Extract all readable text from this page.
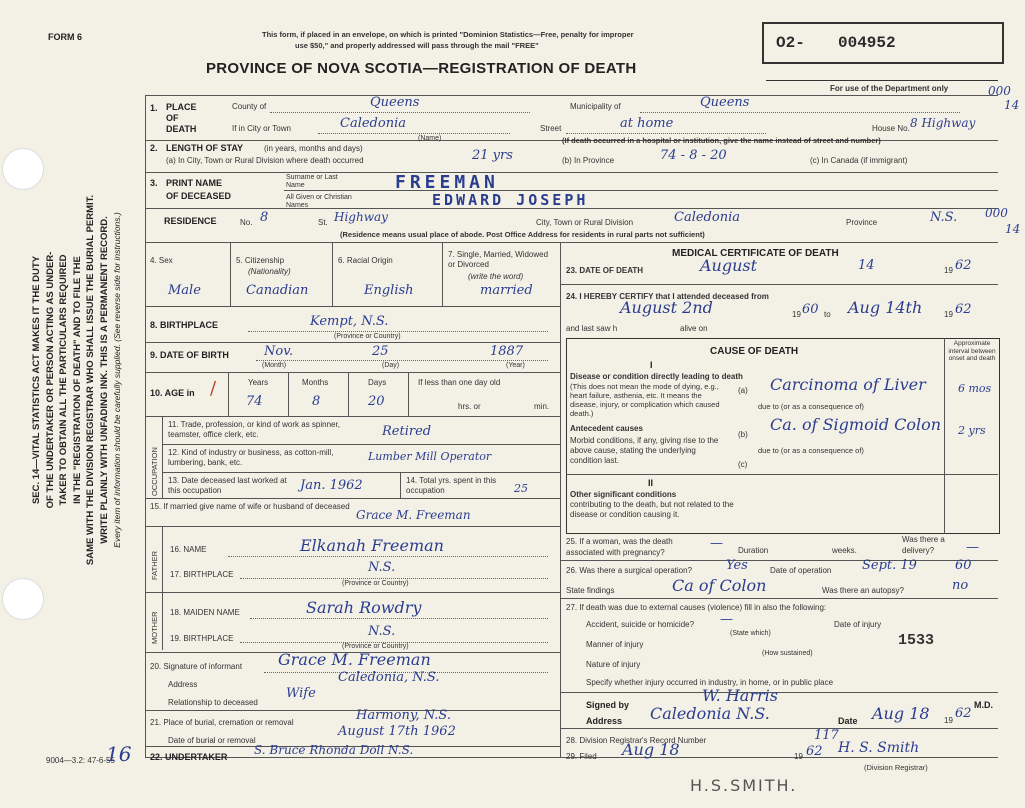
FORM 6	This form, if placed in an envelope, on which is printed "Dominion Statistics—Free, penalty for improper
use $50," and properly addressed will pass through the mail "FREE"
PROVINCE OF NOVA SCOTIA—REGISTRATION OF DEATH
O2- 004952
For use of the Department only	000
14
SEC. 14—VITAL STATISTICS ACT MAKES IT THE DUTY OF THE UNDERTAKER OR PERSON ACTING AS UNDER- TAKER TO OBTAIN ALL THE PARTICULARS REQUIRED IN THE "REGISTRATION OF DEATH" AND TO FILE THE SAME WITH THE DIVISION REGISTRAR WHO SHALL ISSUE THE BURIAL PERMIT. WRITE PLAINLY WITH UNFADING INK. THIS IS A PERMANENT RECORD. Every item of information should be carefully supplied. (See reverse side for instructions.)
1. PLACE OF DEATH
County of	Queens	Municipality of	Queens
If in City or Town	Caledonia
(Name)
Street	at home	House No. 8 Highway
(If death occurred in a hospital or institution, give the name instead of street and number)
2. LENGTH OF STAY	(in years, months and days)
(a) In City, Town or Rural Division where death occurred	21 yrs	(b) In Province	74 - 8 - 20	(c) In Canada (if immigrant)
3. PRINT NAME
OF DECEASED
Surname or Last Name	FREEMAN
All Given or Christian Names	EDWARD JOSEPH
RESIDENCE	No. 8	St. Highway	City, Town or Rural Division	Caledonia	Province	N.S. 000
14
(Residence means usual place of abode. Post Office Address for residents in rural parts not sufficient)
4. Sex
Male
5. Citizenship
(Nationality)
Canadian
6. Racial Origin
English
7. Single, Married, Widowed or Divorced
(write the word)
married
8. BIRTHPLACE	Kempt, N.S.
(Province or Country)
9. DATE OF BIRTH	Nov.	25	1887
(Month)	(Day)	(Year)
10. AGE in /	Years	Months	Days
74	8	20
If less than one day old
hrs. or	min.
OCCUPATION
11. Trade, profession, or kind of work as spinner, teamster, office clerk, etc.	Retired
12. Kind of industry or business, as cotton-mill, lumbering, bank, etc.	Lumber Mill Operator
13. Date deceased last worked at this occupation	Jan. 1962	14. Total yrs. spent in this occupation	25
15. If married give name of wife or husband of deceased
Grace M. Freeman
FATHER
MOTHER
16. NAME	Elkanah Freeman
17. BIRTHPLACE	N.S.
(Province or Country)
18. MAIDEN NAME	Sarah Rowdry
19. BIRTHPLACE	N.S.
(Province or Country)
20. Signature of informant Grace M. Freeman
Address	Caledonia, N.S.
Relationship to deceased
Wife
21. Place of burial, cremation or removal	Harmony, N.S.
Date of burial or removal
August 17th 1962
22. UNDERTAKER S. Bruce Rhonda Doll N.S.
MEDICAL CERTIFICATE OF DEATH
23. DATE OF DEATH	August	14	19 62
24. I HEREBY CERTIFY that I attended deceased from
August 2nd	19 60 to Aug 14th	19 62
and last saw h	alive on
CAUSE OF DEATH
Approximate interval between onset and death
I
Disease or condition directly leading to death
(This does not mean the mode of dying, e.g., heart failure, asthenia, etc. It means the disease, injury, or complication which caused death.)
(a) Carcinoma of Liver	6 mos
due to (or as a consequence of)
Antecedent causes
Morbid conditions, if any, giving rise to the above cause, stating the underlying condition last.
(b)
Ca. of Sigmoid Colon	2 yrs
due to (or as a consequence of)
(c)
II
Other significant conditions
contributing to the death, but not related to the disease or condition causing it.
25. If a woman, was the death associated with pregnancy?
— Duration	weeks.
Was there a delivery?	—
26. Was there a surgical operation?	Yes	Date of operation Sept. 19	60
State findings	Ca of Colon	Was there an autopsy?	no
27. If death was due to external causes (violence) fill in also the following:
Accident, suicide or homicide? —	Date of injury
(State which)
Manner of injury	1533
(How sustained)
Nature of injury
Specify whether injury occurred in industry, in home, or in public place
Signed by	W. Harris	M.D.
Address Caledonia N.S.	Date Aug 18 19 62
28. Division Registrar's Record Number	117
29. Filed Aug 18	19 62 H. S. Smith
(Division Registrar)
9004—3.2: 47-6-55
16
H.S.SMITH.
